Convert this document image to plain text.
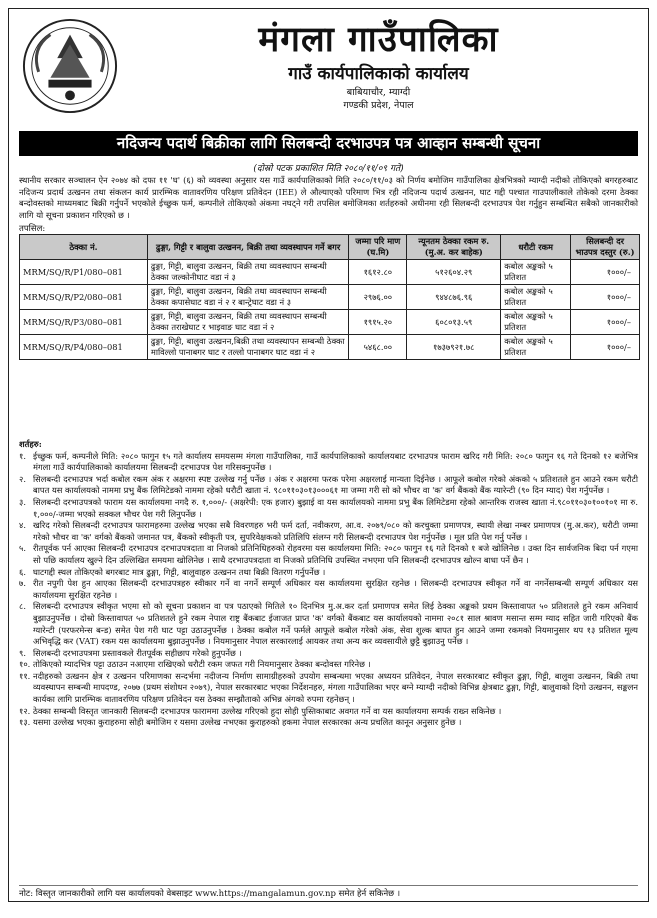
मंगला गाउँपालिका
गाउँ कार्यपालिकाको कार्यालय
बाबियाचौर, म्याग्दी
गण्डकी प्रदेश, नेपाल
नदिजन्य पदार्थ बिक्रीका लागि सिलबन्दी दरभाउपत्र पत्र आव्हान सम्बन्धी सूचना
(दोस्रो पटक प्रकाशित मिति २०८०/११/०९ गते)
स्थानीय सरकार सञ्चालन ऐन २०७४ को दफा ११ 'घ' (६) को व्यवस्था अनुसार यस गाउँ कार्यपालिकाको मिति २०८०/११/०३ को निर्णय बमोजिम गाउँपालिका क्षेत्रभित्रको म्याग्दी नदीको तोकिएको बगरहरुबाट नदिजन्य प्रदार्थ उत्खनन तथा संकलन कार्य प्रारम्भिक वातावरणिय परिक्षण प्रतिवेदन (IEE) ले औल्याएको परिमाण भित्र रही नदिजन्य पदार्थ उत्खनन, घाट गद्दी पश्चात गाउपालीकाले तोकेको दरमा ठेक्का बन्दोवस्तको माध्यमबाट बिक्री गर्नुपर्ने भएकोले ईच्छुक फर्म, कम्पनीले तोकिएको अंकमा नघट्ने गरी तपसिल बमोजिमका शर्तहरुको अधीनमा रही सिलबन्दी दरभाउपत्र पेश गर्नुहुन सम्बन्धित सबैको जानकारीको लागि यो सूचना प्रकाशन गरिएको छ ।
तपसिल:
ठेक्का नं.	ढुङ्गा, गिट्टी र बालुवा उत्खनन, बिक्री तथा व्यवस्थापन गर्ने बगर	जम्मा परि माण (घ.मि)	न्यूनतम ठेक्का रकम रु.(मु.अ. कर बाहेक)	धरौटी रकम	सिलबन्दी दर भाउपत्र दस्तुर (रु.)
MRM/SQ/R/P1/080–081	ढुङ्गा, गिट्टी, बालुवा उत्खनन, बिक्री तथा व्यवस्थापन सम्बन्धी ठेक्का जल्कोनीघाट वडा नं ३	१६१२.८०	५१२६०४.२९	कबोल अङ्कको ५ प्रतिशत	१०००/–
MRM/SQ/R/P2/080–081	ढुङ्गा, गिट्टी, बालुवा उत्खनन, बिक्री तथा व्यवस्थापन सम्बन्धी ठेक्का कपासेघाट वडा नं २ र बान्ट्रेघाट वडा नं ३	२९७६.००	९४४८७६.९६	कबोल अङ्कको ५ प्रतिशत	१०००/–
MRM/SQ/R/P3/080–081	ढुङ्गा, गिट्टी, बालुवा उत्खनन, बिक्री तथा व्यवस्थापन सम्बन्धी ठेक्का तराखेघाट र भाइवाङ घाट वडा नं २	१९१५.२०	६०८०१३.५९	कबोल अङ्कको ५ प्रतिशत	१०००/–
MRM/SQ/R/P4/080–081	ढुङ्गा, गिट्टी, बालुवा उत्खनन,बिक्री तथा व्यवस्थापन सम्बन्धी ठेक्का माविल्लो पानाबगर घाट र तल्लो पानाबगर घाट वडा नं २	५४६८.००	१७३७९२१.७८	कबोल अङ्कको ५ प्रतिशत	१०००/–
शर्तहरु:
१. ईच्छुक फर्म, कम्पनीले मिति: २०८० फागुन १५ गते कार्यालय समयसम्म मंगला गाउँपालिका, गाउँ कार्यपालिकाको कार्यालयबाट दरभाउपत्र फाराम खरिद गरी मिति: २०८० फागुन १६ गते दिनको १२ बजेभित्र मंगला गाउँ कार्यपालिकाको कार्यालयमा सिलबन्दी दरभाउपत्र पेश गरिसक्नुपर्नेछ ।
२. सिलबन्दी दरभाउपत्र भर्दा कबोल रकम अंक र अक्षरमा स्पष्ट उल्लेख गर्नु पर्नेछ । अंक र अक्षरमा फरक परेमा अक्षरलाई मान्यता दिईनेछ । आफूले कबोल गरेको अंकको ५ प्रतिशतले हुन आउने रकम धरौटी बापत यस कार्यालयको नाममा प्रभु बैंक लिमिटेडको नाममा रहेको धरौटी खाता नं. ९८०११०३०१३०००६१ मा जम्मा गरी सो को भौचर वा 'क' वर्ग बैंकको बैंक ग्यारेन्टी (९० दिन म्याद) पेश गर्नुपर्नेछ ।
३. सिलबन्दी दरभाउपत्रको फाराम यस कार्यालयमा नगदै रु. १,०००/- (अक्षरेपी: एक हजार) बुझाई वा यस कार्यालयको नाममा प्रभु बैंक लिमिटेडमा रहेको आन्तरिक राजस्व खाता नं.९८०११०३०१००१०१ मा रु. १,०००/-जम्मा भएको सक्कल भौचर पेश गरी लिनुपर्नेछ ।
४. खरिद गरेको सिलबन्दी दरभाउपत्र फारामहरुमा उल्लेख भएका सबै विवरणहरु भरी फर्म दर्ता, नवीकरण, आ.व. २०७९/०८० को करचुक्ता प्रमाणपत्र, स्थायी लेखा नम्बर प्रमाणपत्र (मु.अ.कर), धरौटी जम्मा गरेको भौचर वा 'क' वर्गको बैंकको जमानत पत्र, बैंकको स्वीकृती पत्र, सुपरिवेक्षकको प्रतिलिपि संलग्न गरी सिलबन्दी दरभाउपत्र पेश गर्नुपर्नेछ । मूल प्रति पेश गर्नु पर्नेछ ।
५. रीतपूर्वक पर्न आएका सिलबन्दी दरभाउपत्र दरभाउपत्रदाता वा निजको प्रतिनिधिहरुको रोहवरमा यस कार्यालयमा मिति: २०८० फागुन १६ गते दिनको १ बजे खोलिनेछ । उक्त दिन सार्वजनिक बिदा पर्न गएमा सो पछि कार्यालय खुल्ने दिन उल्लिखित समयमा खोलिनेछ । साथै दरभाउपत्रदाता वा निजको प्रतिनिधि उपस्थित नभएमा पनि सिलबन्दी दरभाउपत्र खोल्न बाधा पर्ने छैन ।
६. घाटगद्दी स्थल तोकिएको बगरबाट मात्र ढुङ्गा, गिट्टी, बालुवाहरु उत्खनन तथा बिक्री वितरण गर्नुपर्नेछ ।
७. रीत नपुगी पेश हुन आएका सिलबन्दी दरभाउपत्रहरु स्वीकार गर्ने वा नगर्ने सम्पूर्ण अधिकार यस कार्यालयमा सुरक्षित रहनेछ । सिलबन्दी दरभाउपत्र स्वीकृत गर्ने वा नगर्नेसम्बन्धी सम्पूर्ण अधिकार यस कार्यालयमा सुरक्षित रहनेछ ।
८. सिलबन्दी दरभाउपत्र स्वीकृत भएमा सो को सूचना प्रकाशन वा पत्र पठाएको मितिले १० दिनभित्र मु.अ.कर दर्ता प्रमाणपत्र समेत लिई ठेक्का अङ्कको प्रथम किस्तावापत ५० प्रतिशतले हुने रकम अनिवार्य बुझाउनुपर्नेछ । दोस्रो किस्तावापत ५० प्रतिशतले हुने रकम नेपाल राष्ट्र बैंकबाट ईजाजत प्राप्त 'क' वर्गको बैंकबाट यस कार्यालयको नाममा २०८१ साल श्रावण मसान्त सम्म म्याद सहित जारी गरिएको बैंक ग्यारेन्टी (परफरमेन्स बन्ड) समेत पेश गरी घाट पट्टा उठाउनुपर्नेछ । ठेक्का कबोल गर्ने फर्मले आफूले कबोल गरेको अंक, सेवा शुल्क बापत हुन आउने जम्मा रकमको नियमानुसार थप १३ प्रतिशत मूल्य अभिवृद्धि कर (VAT) रकम यस कार्यालयमा बुझाउनुपर्नेछ । नियमानुसार नेपाल सरकारलाई आयकर तथा अन्य कर व्यवसायीले छुट्टै बुझाउनु पर्नेछ ।
९. सिलबन्दी दरभाउपत्रमा प्रस्तावकले रीतपूर्वक सहीछाप गरेको हुनुपर्नेछ ।
१०. तोकिएको म्यादभित्र पट्टा उठाउन नआएमा राखिएको धरौटी रकम जफत गरी नियमानुसार ठेक्का बन्दोवस्त गरिनेछ ।
११. नदीहरुको उत्खनन क्षेत्र र उत्खनन परिमाणका सन्दर्भमा नदीजन्य निर्माण सामाग्रीहरुको उपयोग सम्बन्धमा भएका अध्ययन प्रतिवेदन, नेपाल सरकारबाट स्वीकृत ढुङ्गा, गिट्टी, बालुवा उत्खनन, बिक्री तथा व्यवस्थापन सम्बन्धी मापदण्ड, २०७७ (प्रथम संशोधन २०७९), नेपाल सरकारबाट भएका निर्देशनहरु, मंगला गाउँपालिका भएर बग्ने म्याग्दी नदीको विभिन्न क्षेत्रबाट ढुङ्गा, गिट्टी, बालुवाको दिगो उत्खनन, सङ्कलन कार्यका लागि प्रारम्भिक वातावरणिय परिक्षण प्रतिवेदन यस ठेक्का सम्झौताको अभिन्न अंगको रुपमा रहनेछन् ।
१२. ठेक्का सम्बन्धी विस्तृत जानकारी सिलबन्दी दरभाउपत्र फाराममा उल्लेख गरिएको हुदा सोही पुस्तिकाबाट अवगत गर्ने वा यस कार्यालयमा सम्पर्क राख्न सकिनेछ ।
१३. यसमा उल्लेख भएका कुराहरुमा सोही बमोजिम र यसमा उल्लेख नभएका कुराहरुको हकमा नेपाल सरकारका अन्य प्रचलित कानून अनुसार हुनेछ ।
नोट: विस्तृत जानकारीको लागि यस कार्यालयको वेबसाइट www.https://mangalamun.gov.np समेत हेर्न सकिनेछ ।
